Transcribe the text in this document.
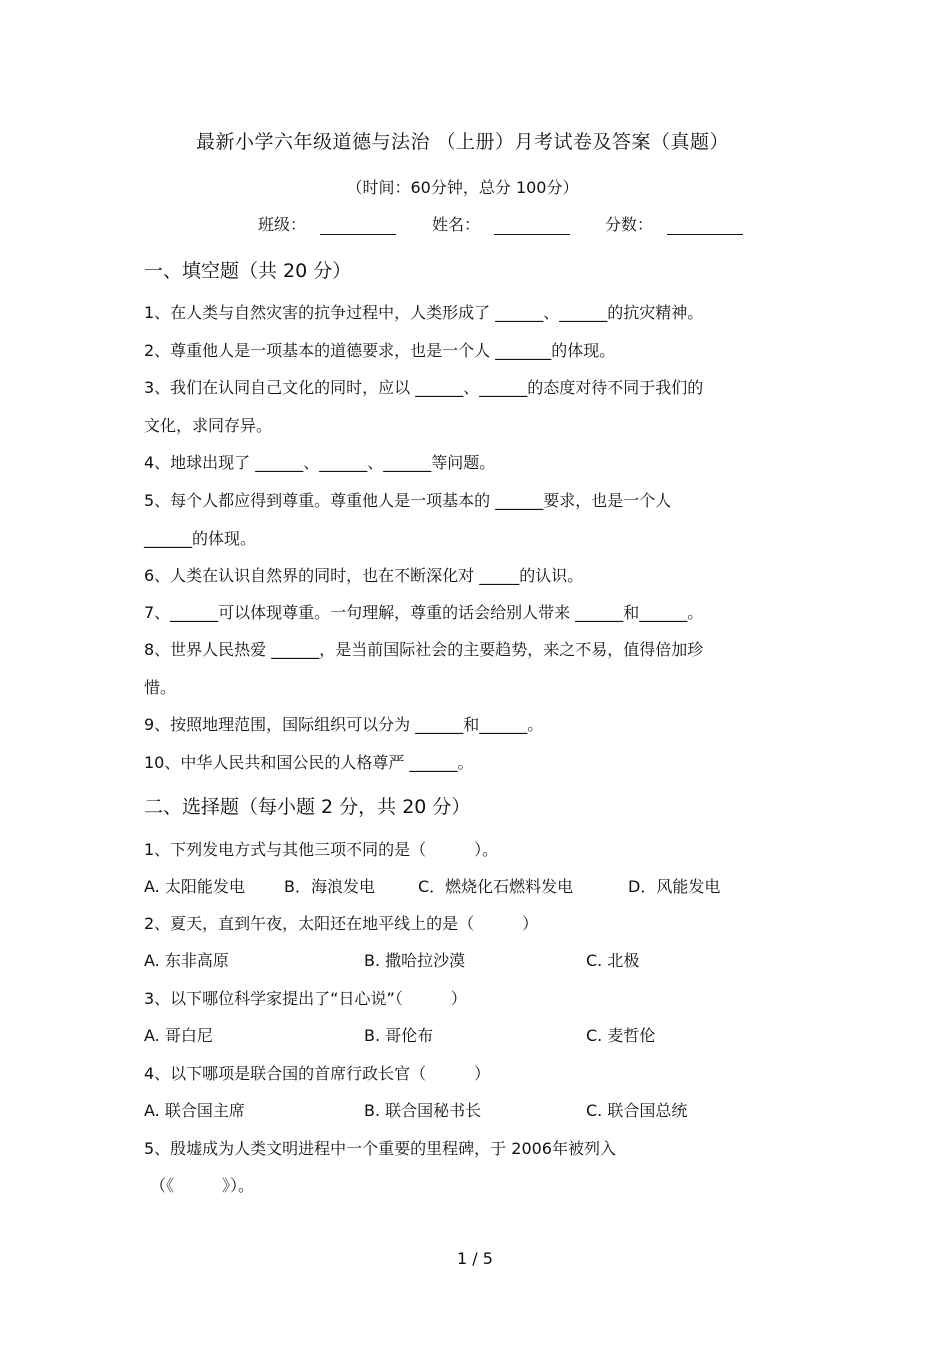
最新小学六年级道德与法治 （上册）月考试卷及答案（真题）
（时间：60分钟，总分 100分）
班级：	姓名：	分数：
一、填空题（共 20 分）
1、在人类与自然灾害的抗争过程中，人类形成了 ______、______的抗灾精神。
2、尊重他人是一项基本的道德要求，也是一个人 _______的体现。
3、我们在认同自己文化的同时，应以 ______、______的态度对待不同于我们的
文化，求同存异。
4、地球出现了 ______、______、______等问题。
5、每个人都应得到尊重。尊重他人是一项基本的 ______要求，也是一个人
______的体现。
6、人类在认识自然界的同时，也在不断深化对 _____的认识。
7、______可以体现尊重。一句理解，尊重的话会给别人带来 ______和______。
8、世界人民热爱 ______，是当前国际社会的主要趋势，来之不易，值得倍加珍
惜。
9、按照地理范围，国际组织可以分为 ______和______。
10、中华人民共和国公民的人格尊严 ______。
二、选择题（每小题 2 分，共 20 分）
1、下列发电方式与其他三项不同的是（　　　）。
A. 太阳能发电 B．海浪发电	C．燃烧化石燃料发电	D．风能发电
2、夏天，直到午夜，太阳还在地平线上的是（　　　）
A. 东非高原	B. 撒哈拉沙漠	C. 北极
3、以下哪位科学家提出了“日心说”（　　　）
A. 哥白尼	B. 哥伦布	C. 麦哲伦
4、以下哪项是联合国的首席行政长官（　　　）
A. 联合国主席	B. 联合国秘书长	C. 联合国总统
5、殷墟成为人类文明进程中一个重要的里程碑，于 2006年被列入
（《　　　》）。
1 / 5
